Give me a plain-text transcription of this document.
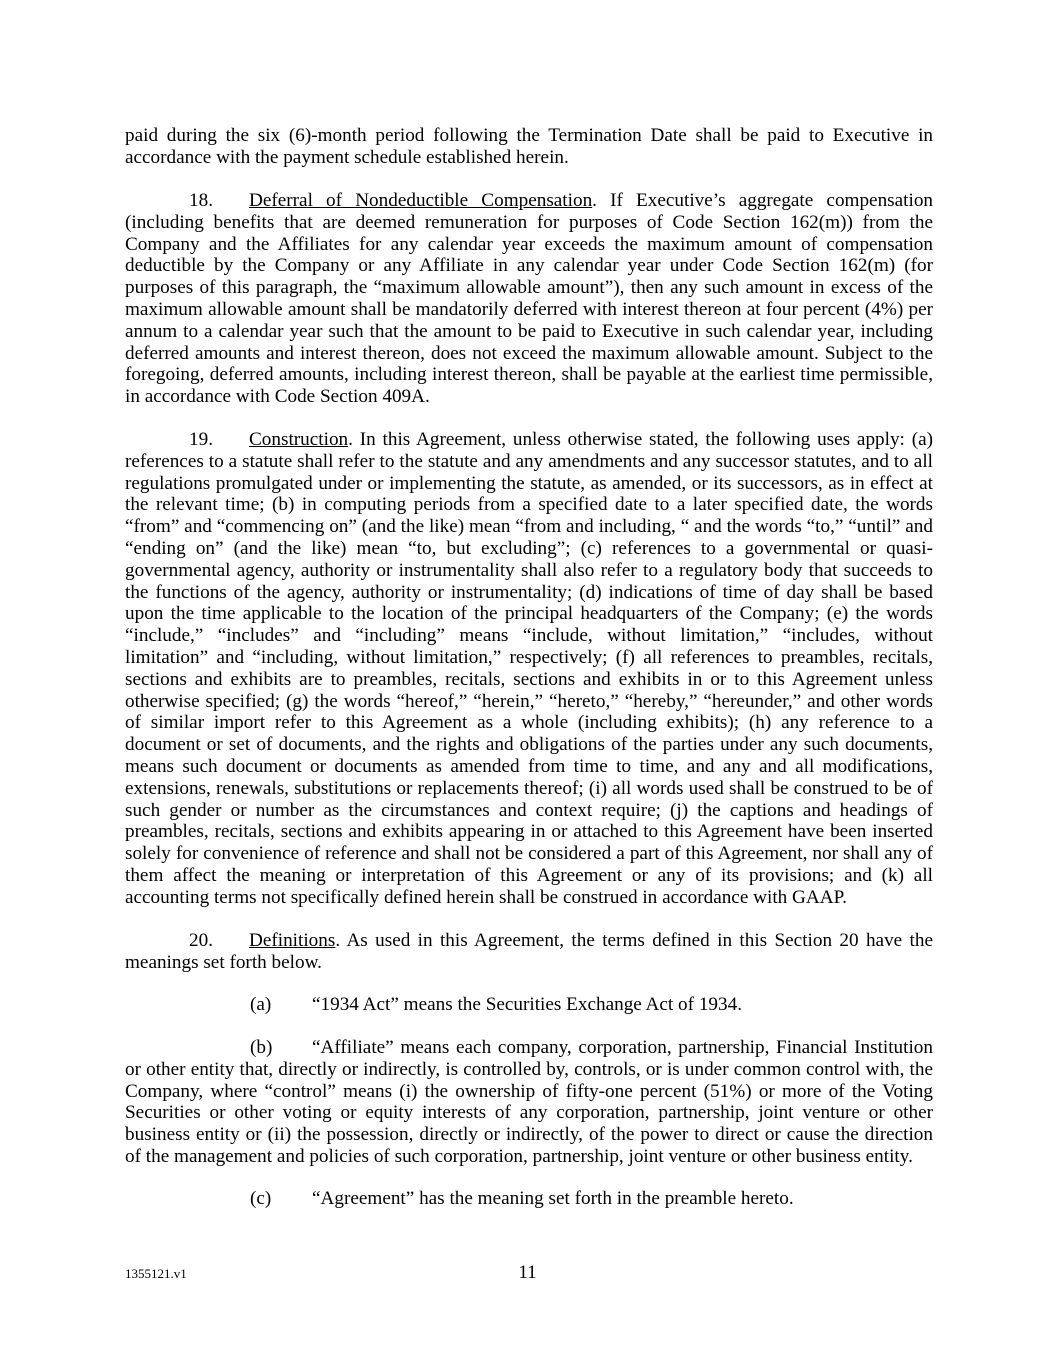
paid during the six (6)-month period following the Termination Date shall be paid to Executive in accordance with the payment schedule established herein.

18. Deferral of Nondeductible Compensation. If Executive’s aggregate compensation (including benefits that are deemed remuneration for purposes of Code Section 162(m)) from the Company and the Affiliates for any calendar year exceeds the maximum amount of compensation deductible by the Company or any Affiliate in any calendar year under Code Section 162(m) (for purposes of this paragraph, the “maximum allowable amount”), then any such amount in excess of the maximum allowable amount shall be mandatorily deferred with interest thereon at four percent (4%) per annum to a calendar year such that the amount to be paid to Executive in such calendar year, including deferred amounts and interest thereon, does not exceed the maximum allowable amount. Subject to the foregoing, deferred amounts, including interest thereon, shall be payable at the earliest time permissible, in accordance with Code Section 409A.

19. Construction. In this Agreement, unless otherwise stated, the following uses apply: (a) references to a statute shall refer to the statute and any amendments and any successor statutes, and to all regulations promulgated under or implementing the statute, as amended, or its successors, as in effect at the relevant time; (b) in computing periods from a specified date to a later specified date, the words “from” and “commencing on” (and the like) mean “from and including, “ and the words “to,” “until” and “ending on” (and the like) mean “to, but excluding”; (c) references to a governmental or quasi-governmental agency, authority or instrumentality shall also refer to a regulatory body that succeeds to the functions of the agency, authority or instrumentality; (d) indications of time of day shall be based upon the time applicable to the location of the principal headquarters of the Company; (e) the words “include,” “includes” and “including” means “include, without limitation,” “includes, without limitation” and “including, without limitation,” respectively; (f) all references to preambles, recitals, sections and exhibits are to preambles, recitals, sections and exhibits in or to this Agreement unless otherwise specified; (g) the words “hereof,” “herein,” “hereto,” “hereby,” “hereunder,” and other words of similar import refer to this Agreement as a whole (including exhibits); (h) any reference to a document or set of documents, and the rights and obligations of the parties under any such documents, means such document or documents as amended from time to time, and any and all modifications, extensions, renewals, substitutions or replacements thereof; (i) all words used shall be construed to be of such gender or number as the circumstances and context require; (j) the captions and headings of preambles, recitals, sections and exhibits appearing in or attached to this Agreement have been inserted solely for convenience of reference and shall not be considered a part of this Agreement, nor shall any of them affect the meaning or interpretation of this Agreement or any of its provisions; and (k) all accounting terms not specifically defined herein shall be construed in accordance with GAAP.

20. Definitions. As used in this Agreement, the terms defined in this Section 20 have the meanings set forth below.

(a) “1934 Act” means the Securities Exchange Act of 1934.

(b) “Affiliate” means each company, corporation, partnership, Financial Institution or other entity that, directly or indirectly, is controlled by, controls, or is under common control with, the Company, where “control” means (i) the ownership of fifty-one percent (51%) or more of the Voting Securities or other voting or equity interests of any corporation, partnership, joint venture or other business entity or (ii) the possession, directly or indirectly, of the power to direct or cause the direction of the management and policies of such corporation, partnership, joint venture or other business entity.

(c) “Agreement” has the meaning set forth in the preamble hereto.

1355121.v1	11
